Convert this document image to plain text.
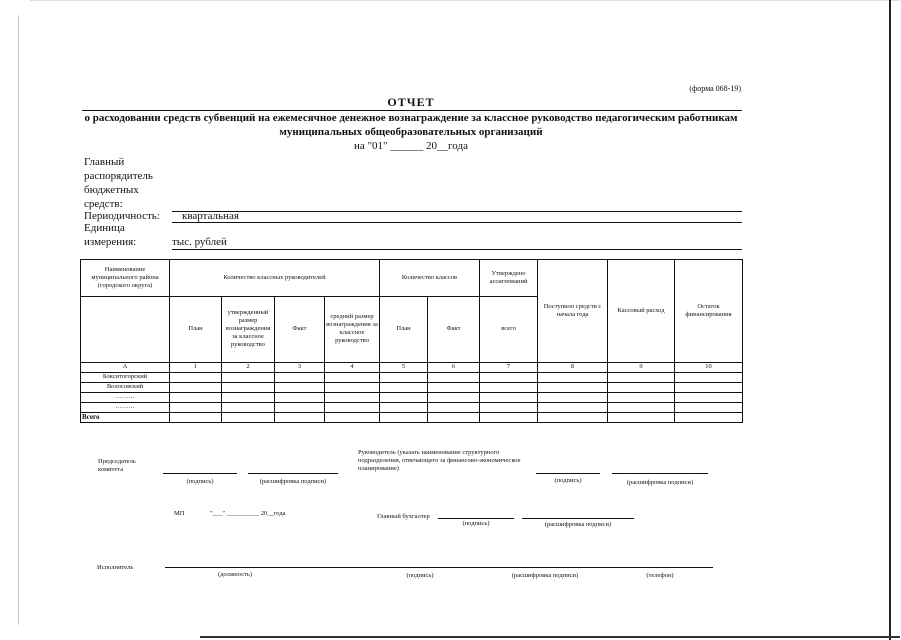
(форма 068-19)
ОТЧЕТ
о расходовании средств субвенций на ежемесячное денежное вознаграждение за классное руководство педагогическим работникам
муниципальных общеобразовательных организаций
на "01" ______ 20__года
Главный
распорядитель
бюджетных
средств:
Периодичность: квартальная
Единица
измерения:	тыс. рублей
Наименование муниципального района (городского округа)	Количество классных руководителей				Количество классов		Утверждено ассигнований	Поступило средств с начала года	Кассовый расход	Остаток финансирования
	План	утвержденный размер вознаграждения за классное руководство	Факт	средний размер вознаграждения за классное руководство	План	Факт	всего			
А	1	2	3	4	5	6	7	8	9	10
Бокситогорский										
Волосовский										
………										
………										
Всего										
Председатель
комитета
(подпись)	(расшифровка подписи)
Руководитель (указать наименование структурного
подразделения, отвечающего за финансово-экономическое
планирование)
(подпись)	(расшифровка подписи)
МП	"___" __________ 20__года	Главный бухгалтер
(подпись)	(расшифровка подписи)
Исполнитель
(должность)	(подпись)	(расшифровка подписи)	(телефон)
